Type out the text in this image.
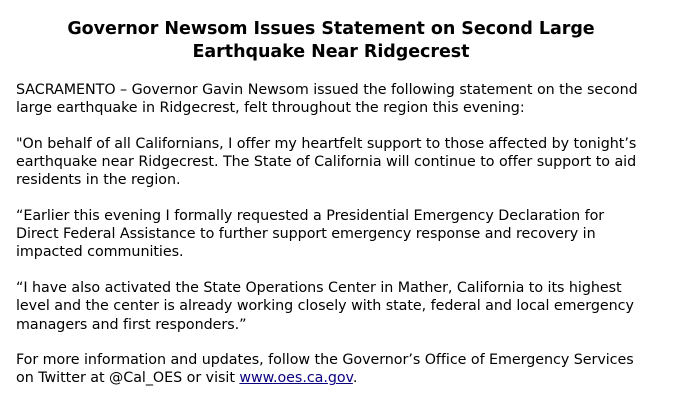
Governor Newsom Issues Statement on Second Large
Earthquake Near Ridgecrest

SACRAMENTO – Governor Gavin Newsom issued the following statement on the second
large earthquake in Ridgecrest, felt throughout the region this evening:

"On behalf of all Californians, I offer my heartfelt support to those affected by tonight’s
earthquake near Ridgecrest. The State of California will continue to offer support to aid
residents in the region.

“Earlier this evening I formally requested a Presidential Emergency Declaration for
Direct Federal Assistance to further support emergency response and recovery in
impacted communities.

“I have also activated the State Operations Center in Mather, California to its highest
level and the center is already working closely with state, federal and local emergency
managers and first responders.”

For more information and updates, follow the Governor’s Office of Emergency Services
on Twitter at @Cal_OES or visit www.oes.ca.gov.
